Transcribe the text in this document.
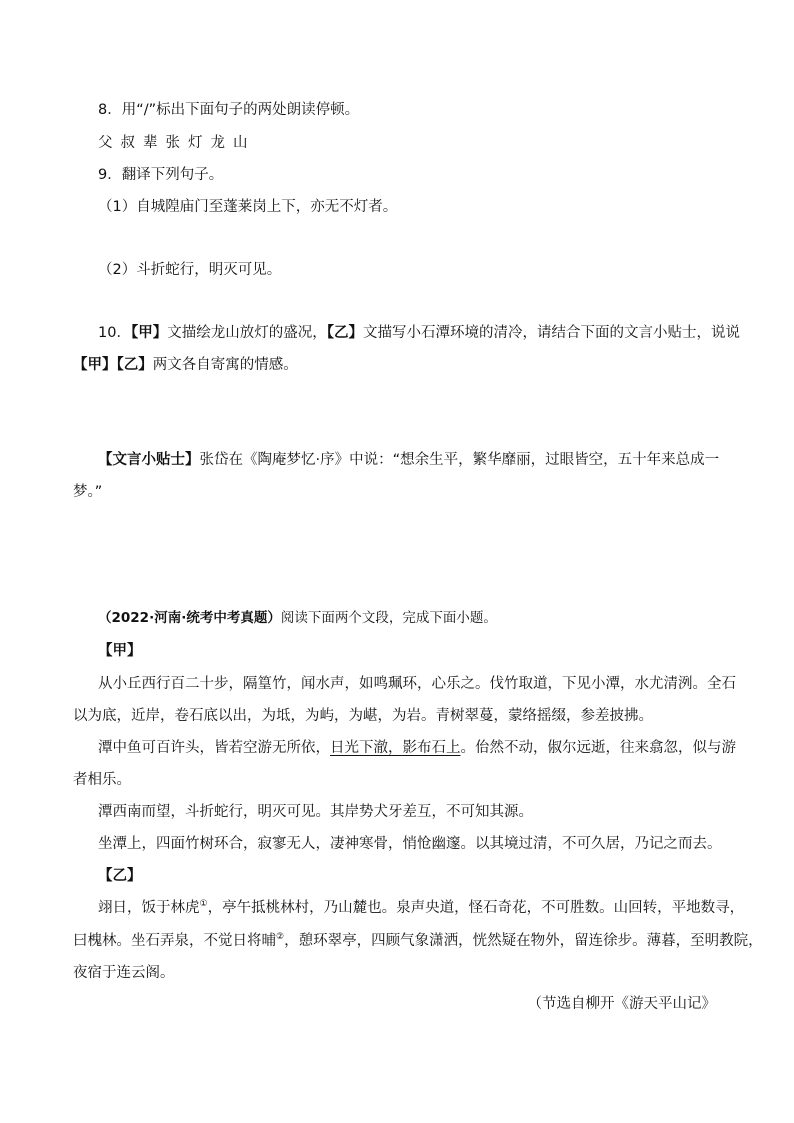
8．用“/”标出下面句子的两处朗读停顿。
父叔辈张灯龙山
9．翻译下列句子。
（1）自城隍庙门至蓬莱岗上下，亦无不灯者。
（2）斗折蛇行，明灭可见。
10．【甲】文描绘龙山放灯的盛况，【乙】文描写小石潭环境的清冷，请结合下面的文言小贴士，说说
【甲】【乙】两文各自寄寓的情感。
【文言小贴士】张岱在《陶庵梦忆·序》中说：“想余生平，繁华靡丽，过眼皆空，五十年来总成一
梦。”
（2022·河南·统考中考真题）阅读下面两个文段，完成下面小题。
【甲】
从小丘西行百二十步，隔篁竹，闻水声，如鸣珮环，心乐之。伐竹取道，下见小潭，水尤清洌。全石
以为底，近岸，卷石底以出，为坻，为屿，为嵁，为岩。青树翠蔓，蒙络摇缀，参差披拂。
潭中鱼可百许头，皆若空游无所依，日光下澈，影布石上。佁然不动，俶尔远逝，往来翕忽，似与游
者相乐。
潭西南而望，斗折蛇行，明灭可见。其岸势犬牙差互，不可知其源。
坐潭上，四面竹树环合，寂寥无人，凄神寒骨，悄怆幽邃。以其境过清，不可久居，乃记之而去。
【乙】
翊日，饭于林虎①，亭午抵桃林村，乃山麓也。泉声央道，怪石奇花，不可胜数。山回转，平地数寻，
曰槐林。坐石弄泉，不觉日将晡②，憩环翠亭，四顾气象潇洒，恍然疑在物外，留连徐步。薄暮，至明教院，
夜宿于连云阁。
（节选自柳开《游天平山记》
